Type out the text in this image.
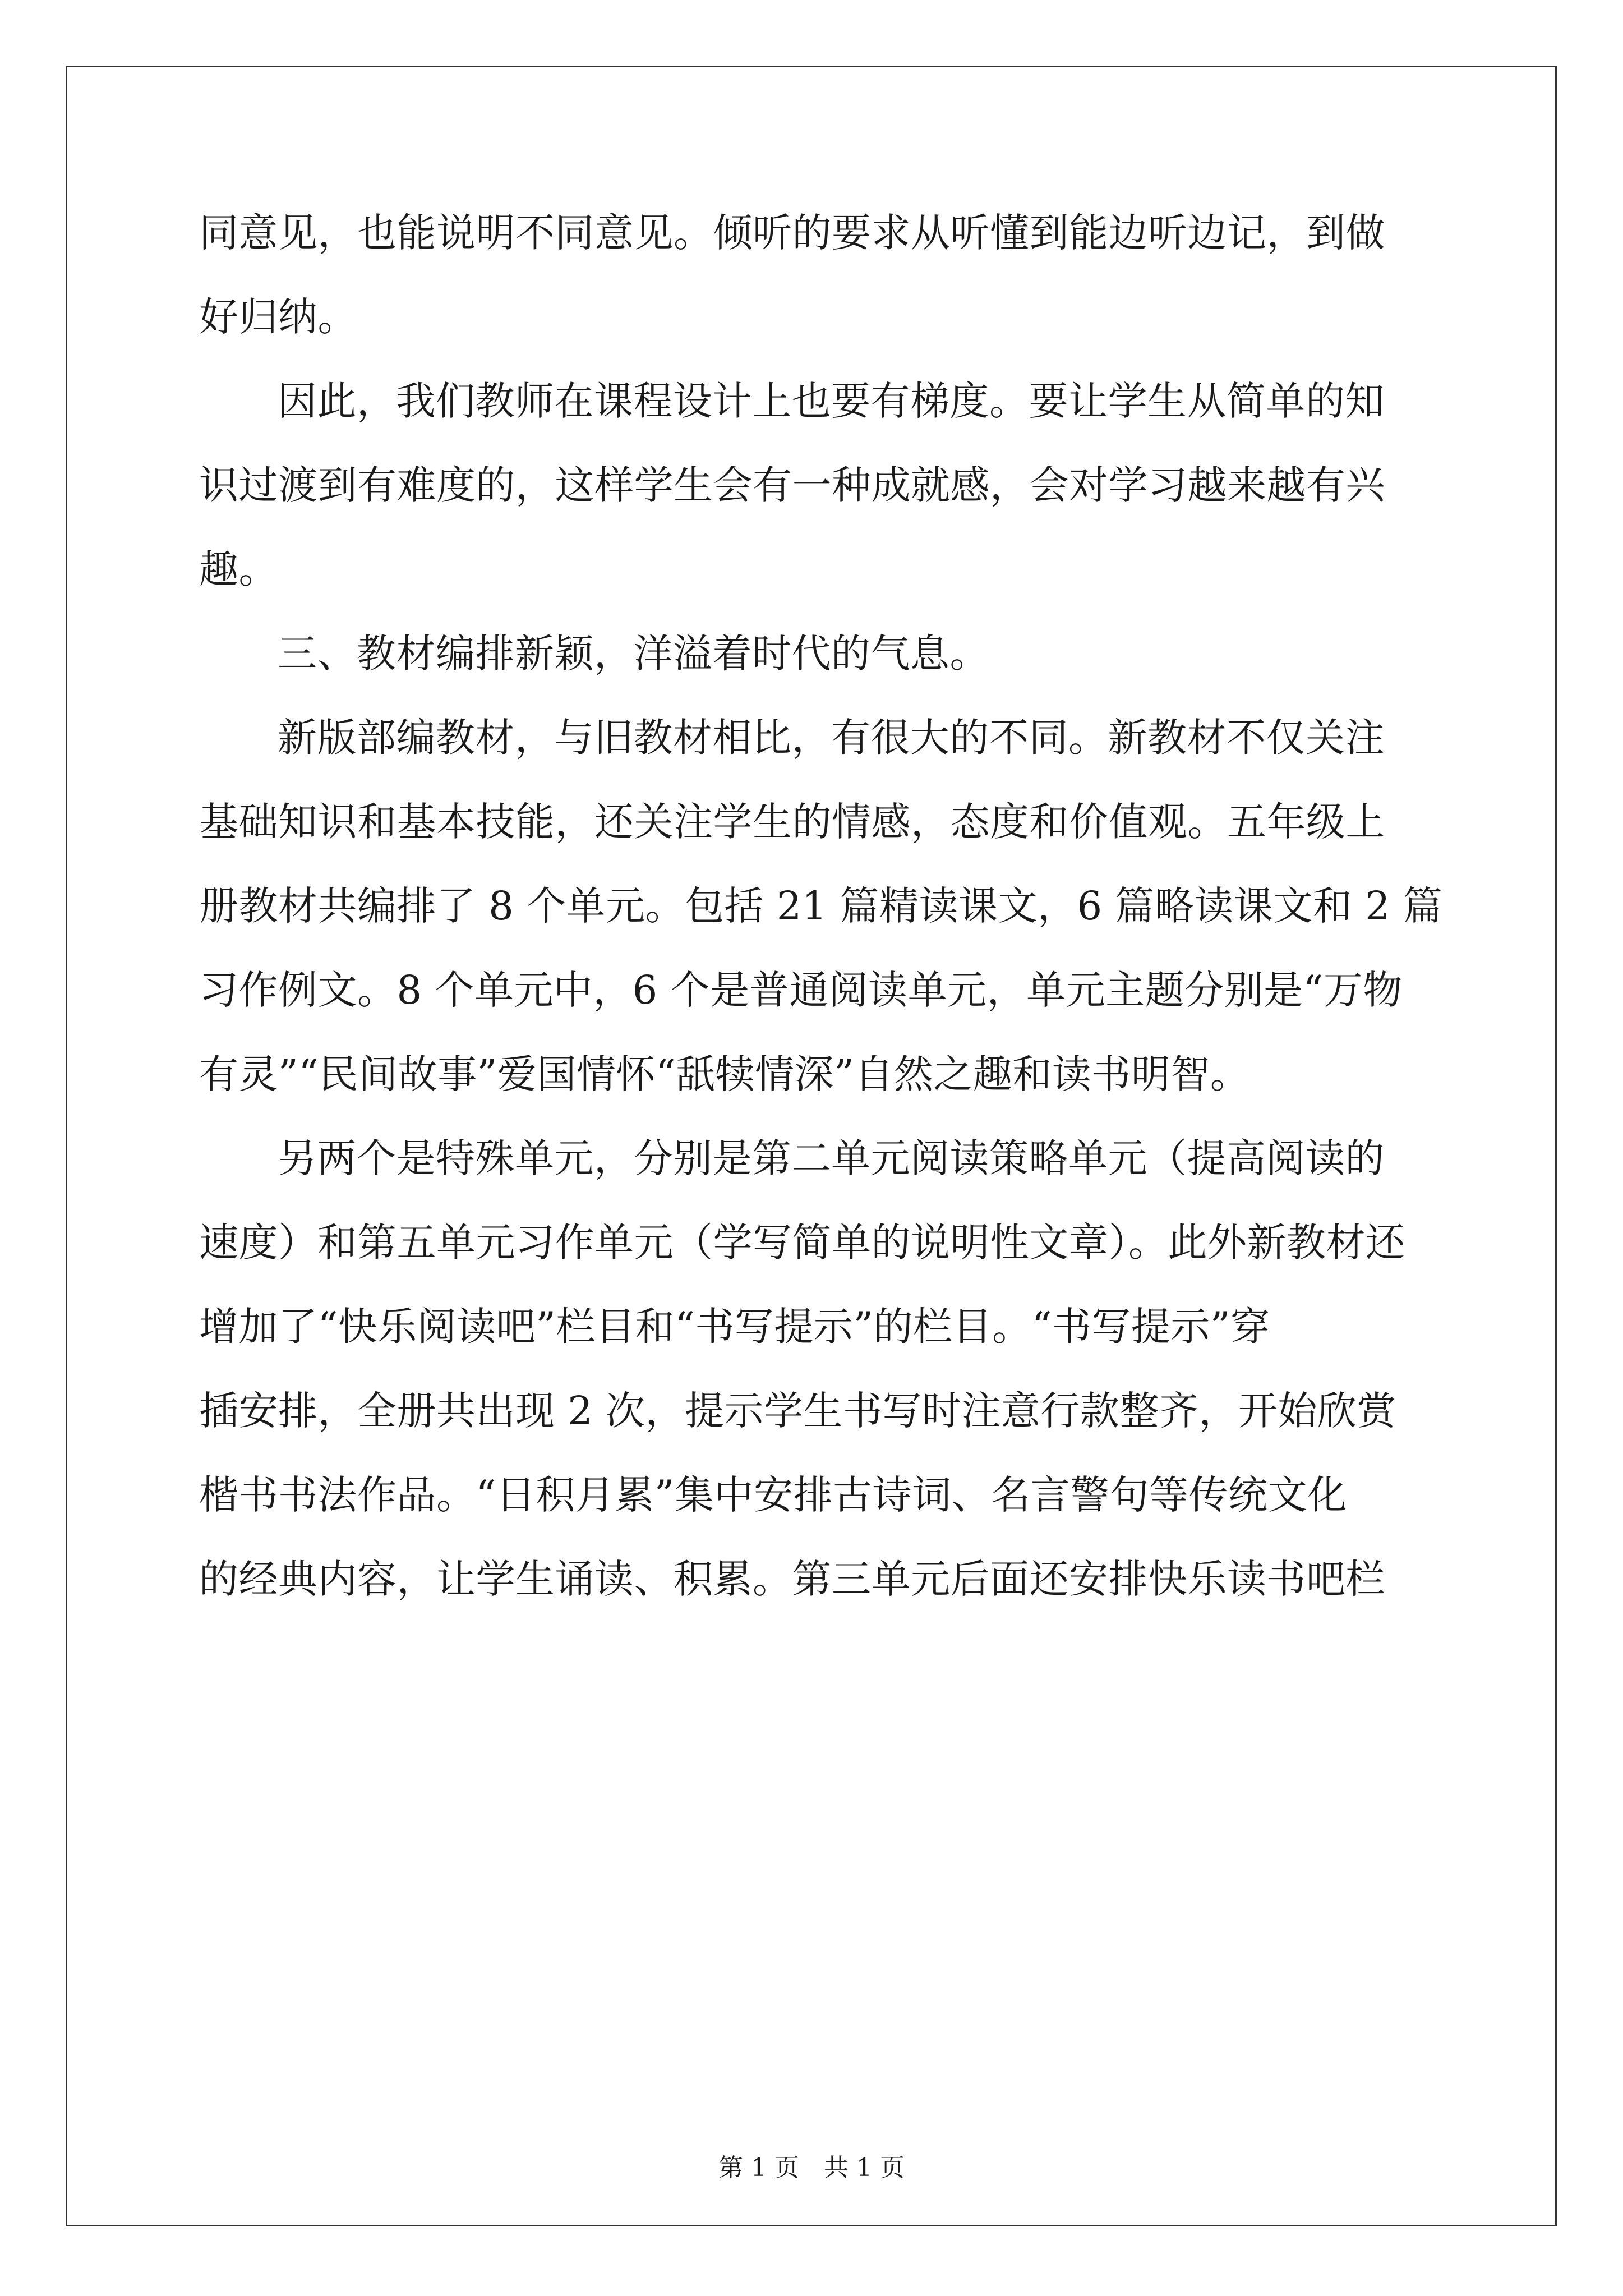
同意见，也能说明不同意见。倾听的要求从听懂到能边听边记，到做
好归纳。
因此，我们教师在课程设计上也要有梯度。要让学生从简单的知
识过渡到有难度的，这样学生会有一种成就感，会对学习越来越有兴
趣。
三、教材编排新颖，洋溢着时代的气息。
新版部编教材，与旧教材相比，有很大的不同。新教材不仅关注
基础知识和基本技能，还关注学生的情感，态度和价值观。五年级上
册教材共编排了 8 个单元。包括 21 篇精读课文，6 篇略读课文和 2 篇
习作例文。8 个单元中，6 个是普通阅读单元，单元主题分别是“万物
有灵”“民间故事”爱国情怀“舐犊情深”自然之趣和读书明智。
另两个是特殊单元，分别是第二单元阅读策略单元（提高阅读的
速度）和第五单元习作单元（学写简单的说明性文章）。此外新教材还
增加了“快乐阅读吧”栏目和“书写提示”的栏目。“书写提示”穿
插安排，全册共出现 2 次，提示学生书写时注意行款整齐，开始欣赏
楷书书法作品。“日积月累”集中安排古诗词、名言警句等传统文化
的经典内容，让学生诵读、积累。第三单元后面还安排快乐读书吧栏
第 1 页　共 1 页
